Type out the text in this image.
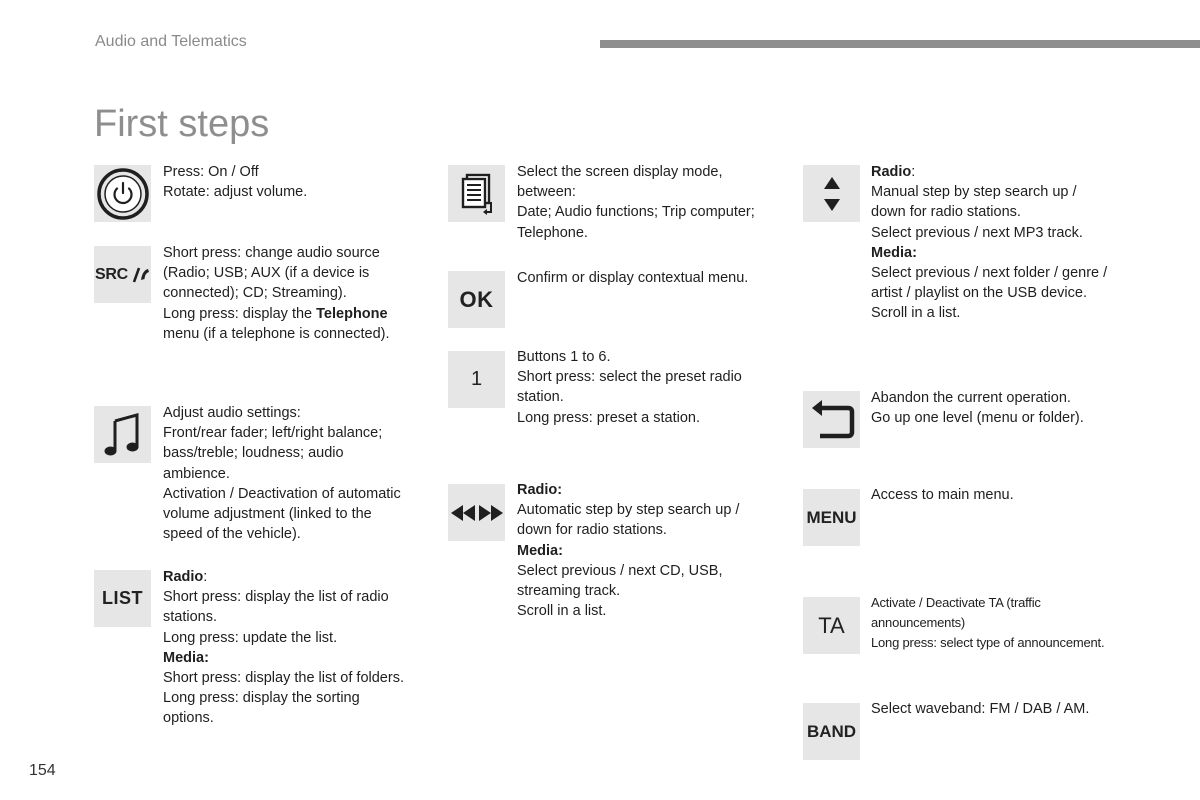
Audio and Telematics
First steps
Press: On / Off
Rotate: adjust volume.
SRC
Short press: change audio source
(Radio; USB; AUX (if a device is
connected); CD; Streaming).
Long press: display the Telephone
menu (if a telephone is connected).
Adjust audio settings:
Front/rear fader; left/right balance;
bass/treble; loudness; audio
ambience.
Activation / Deactivation of automatic
volume adjustment (linked to the
speed of the vehicle).
LIST
Radio:
Short press: display the list of radio
stations.
Long press: update the list.
Media:
Short press: display the list of folders.
Long press: display the sorting
options.
Select the screen display mode,
between:
Date; Audio functions; Trip computer;
Telephone.
OK
Confirm or display contextual menu.
1
Buttons 1 to 6.
Short press: select the preset radio
station.
Long press: preset a station.
Radio:
Automatic step by step search up /
down for radio stations.
Media:
Select previous / next CD, USB,
streaming track.
Scroll in a list.
Radio:
Manual step by step search up /
down for radio stations.
Select previous / next MP3 track.
Media:
Select previous / next folder / genre /
artist / playlist on the USB device.
Scroll in a list.
Abandon the current operation.
Go up one level (menu or folder).
MENU
Access to main menu.
TA
Activate / Deactivate TA (traffic
announcements)
Long press: select type of announcement.
BAND
Select waveband: FM / DAB / AM.
154
